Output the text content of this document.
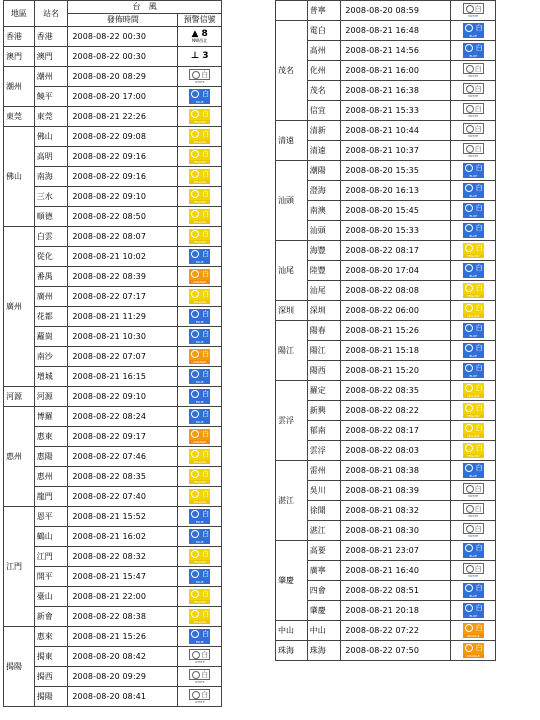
地區	站名	台　風	
		發佈時間	預警信號
香港	香港	2008-08-22 00:30	▲ 8
NW西北

澳門	澳門	2008-08-22 00:30	⊥ 3
潮州	潮州	2008-08-20 08:29	白
WHITE

	饒平	2008-08-20 17:00	白
BLUE

東莞	東莞	2008-08-21 22:26	白
YELLOW

佛山	佛山	2008-08-22 09:08	白
YELLOW

	高明	2008-08-22 09:16	白
YELLOW

	南海	2008-08-22 09:16	白
YELLOW

	三水	2008-08-22 09:10	白
YELLOW

	順德	2008-08-22 08:50	白
YELLOW

廣州	白雲	2008-08-22 08:07	白
YELLOW

	從化	2008-08-21 10:02	白
BLUE

	番禺	2008-08-22 08:39	白
ORANGE

	廣州	2008-08-22 07:17	白
YELLOW

	花都	2008-08-21 11:29	白
BLUE

	蘿崗	2008-08-21 10:30	白
BLUE

	南沙	2008-08-22 07:07	白
ORANGE

	增城	2008-08-21 16:15	白
BLUE

河源	河源	2008-08-22 09:10	白
BLUE

惠州	博羅	2008-08-22 08:24	白
BLUE

	惠東	2008-08-22 09:17	白
ORANGE

	惠陽	2008-08-22 07:46	白
YELLOW

	惠州	2008-08-22 08:35	白
YELLOW

	龍門	2008-08-22 07:40	白
YELLOW

江門	恩平	2008-08-21 15:52	白
BLUE

	鶴山	2008-08-21 16:02	白
BLUE

	江門	2008-08-22 08:32	白
YELLOW

	開平	2008-08-21 15:47	白
BLUE

	臺山	2008-08-21 22:00	白
YELLOW

	新會	2008-08-22 08:38	白
YELLOW

揭陽	惠來	2008-08-21 15:26	白
BLUE

	揭東	2008-08-20 08:42	白
WHITE

	揭西	2008-08-20 09:29	白
WHITE

	揭陽	2008-08-20 08:41	白
WHITE
	普寧	2008-08-20 08:59	白
WHITE

茂名	電白	2008-08-21 16:48	白
BLUE

	高州	2008-08-21 14:56	白
BLUE

	化州	2008-08-21 16:00	白
WHITE

	茂名	2008-08-21 16:38	白
WHITE

	信宜	2008-08-21 15:33	白
WHITE

清遠	清新	2008-08-21 10:44	白
WHITE

	清遠	2008-08-21 10:37	白
WHITE

汕頭	潮陽	2008-08-20 15:35	白
BLUE

	澄海	2008-08-20 16:13	白
BLUE

	南澳	2008-08-20 15:45	白
BLUE

	汕頭	2008-08-20 15:33	白
BLUE

汕尾	海豐	2008-08-22 08:17	白
YELLOW

	陸豐	2008-08-20 17:04	白
BLUE

	汕尾	2008-08-22 08:08	白
YELLOW

深圳	深圳	2008-08-22 06:00	白
YELLOW

陽江	陽春	2008-08-21 15:26	白
BLUE

	陽江	2008-08-21 15:18	白
BLUE

	陽西	2008-08-21 15:20	白
BLUE

雲浮	羅定	2008-08-22 08:35	白
YELLOW

	新興	2008-08-22 08:22	白
YELLOW

	郁南	2008-08-22 08:17	白
YELLOW

	雲浮	2008-08-22 08:03	白
YELLOW

湛江	雷州	2008-08-21 08:38	白
BLUE

	吳川	2008-08-21 08:39	白
WHITE

	徐聞	2008-08-21 08:32	白
WHITE

	湛江	2008-08-21 08:30	白
WHITE

肇慶	高要	2008-08-21 23:07	白
BLUE

	廣寧	2008-08-21 16:40	白
WHITE

	四會	2008-08-22 08:51	白
BLUE

	肇慶	2008-08-21 20:18	白
BLUE

中山	中山	2008-08-22 07:22	白
ORANGE

珠海	珠海	2008-08-22 07:50	白
ORANGE
